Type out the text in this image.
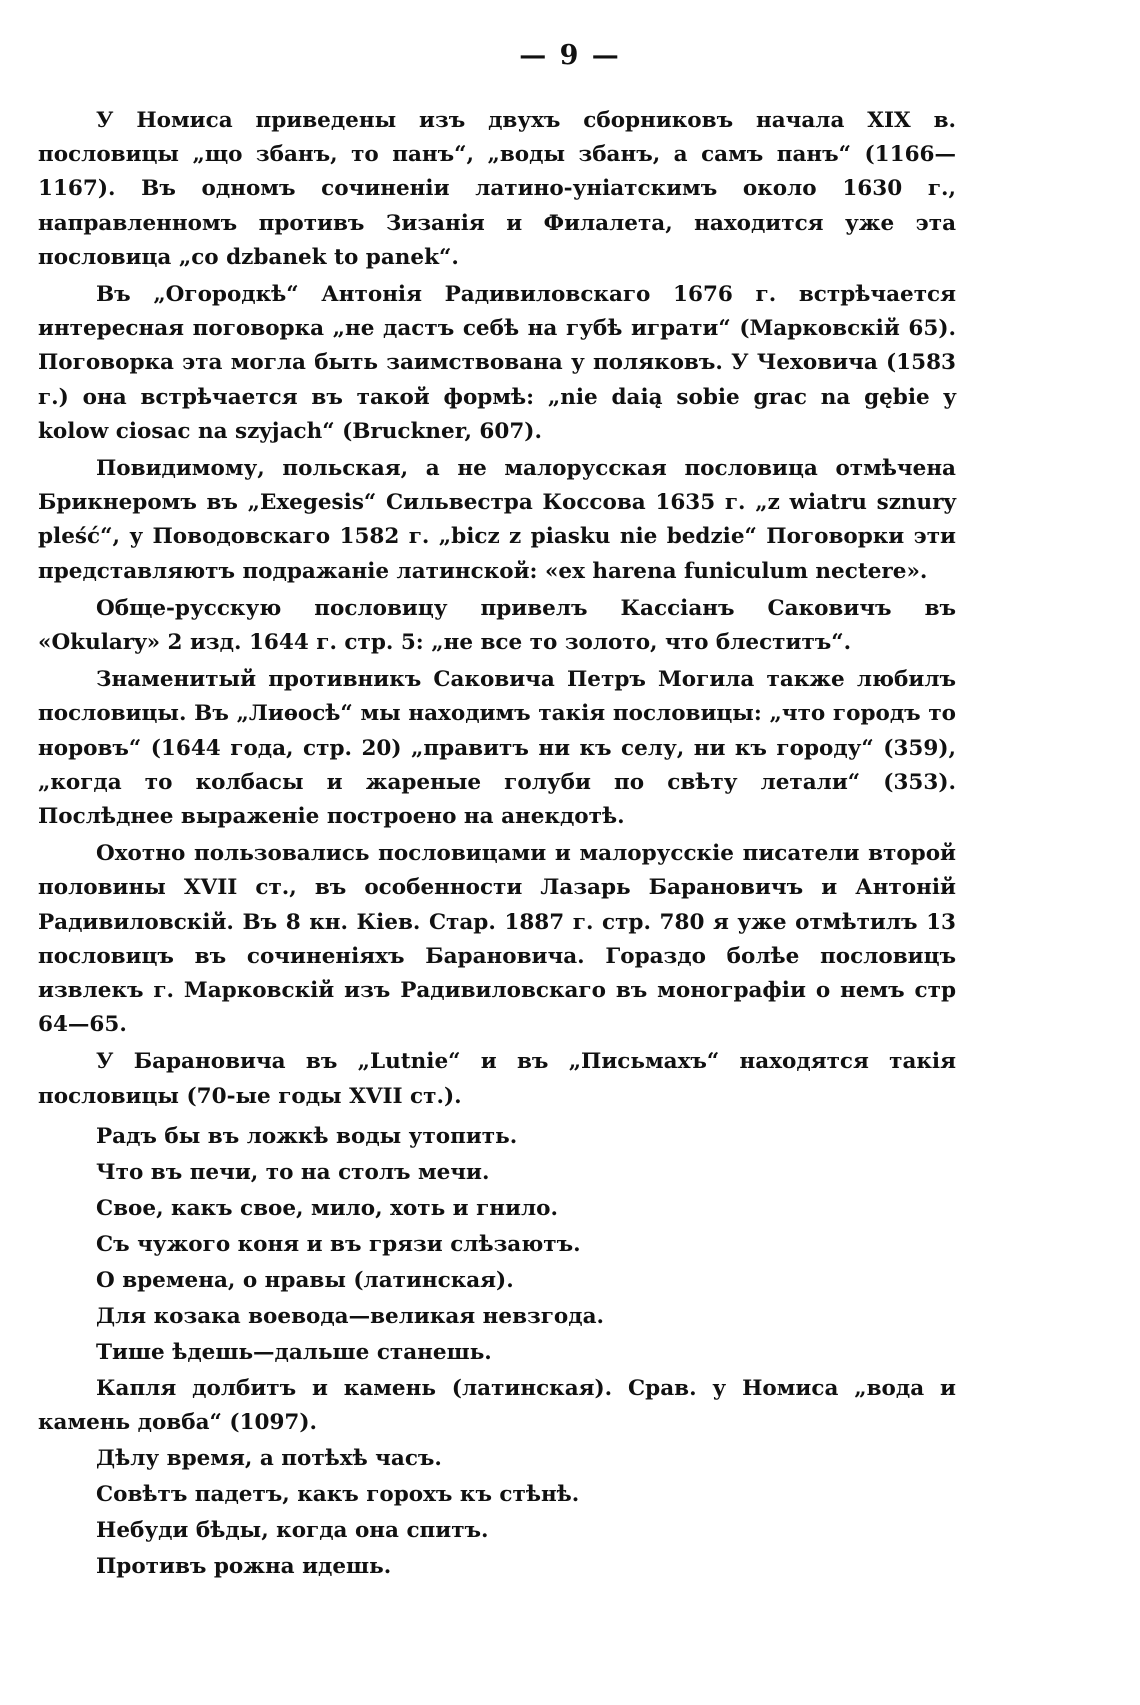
— 9 —

У Номиса приведены изъ двухъ сборниковъ начала XIX в. пословицы „що збанъ, то панъ“, „воды збанъ, а самъ панъ“ (1166—1167). Въ одномъ сочиненіи латино-уніатскимъ около 1630 г., направленномъ противъ Зизанія и Филалета, находится уже эта пословица „co dzbanek to panek“.

Въ „Огородкѣ“ Антонія Радивиловскаго 1676 г. встрѣчается интересная поговорка „не дастъ себѣ на губѣ играти“ (Марковскій 65). Поговорка эта могла быть заимствована у поляковъ. У Чеховича (1583 г.) она встрѣчается въ такой формѣ: „nie daią sobie grac na gębie y kolow ciosac na szyjach“ (Bruckner, 607).

Повидимому, польская, а не малорусская пословица отмѣчена Брикнеромъ въ „Exegesis“ Сильвестра Коссова 1635 г. „z wiatru sznury pleść“, у Поводовскаго 1582 г. „bicz z piasku nie bedzie“ Поговорки эти представляютъ подражаніе латинской: «ex harena funiculum nectere».

Обще-русскую пословицу привелъ Кассіанъ Саковичъ въ «Okulary» 2 изд. 1644 г. стр. 5: „не все то золото, что блеститъ“.

Знаменитый противникъ Саковича Петръ Могила также любилъ пословицы. Въ „Лиѳосѣ“ мы находимъ такія пословицы: „что городъ то норовъ“ (1644 года, стр. 20) „правитъ ни къ селу, ни къ городу“ (359), „когда то колбасы и жареные голуби по свѣту летали“ (353). Послѣднее выраженіе построено на анекдотѣ.

Охотно пользовались пословицами и малорусскіе писатели второй половины XVII ст., въ особенности Лазарь Барановичъ и Антоній Радивиловскій. Въ 8 кн. Кіев. Стар. 1887 г. стр. 780 я уже отмѣтилъ 13 пословицъ въ сочиненіяхъ Барановича. Гораздо болѣе пословицъ извлекъ г. Марковскій изъ Радивиловскаго въ монографіи о немъ стр 64—65.

У Барановича въ „Lutnie“ и въ „Письмахъ“ находятся такія пословицы (70-ые годы XVII ст.).

Радъ бы въ ложкѣ воды утопить.
Что въ печи, то на столъ мечи.
Свое, какъ свое, мило, хоть и гнило.
Съ чужого коня и въ грязи слѣзаютъ.
О времена, о нравы (латинская).
Для козака воевода—великая невзгода.
Тише ѣдешь—дальше станешь.
Капля долбитъ и камень (латинская). Срав. у Номиса „вода и камень довба“ (1097).
Дѣлу время, а потѣхѣ часъ.
Совѣтъ падетъ, какъ горохъ къ стѣнѣ.
Небуди бѣды, когда она спитъ.
Противъ рожна идешь.
